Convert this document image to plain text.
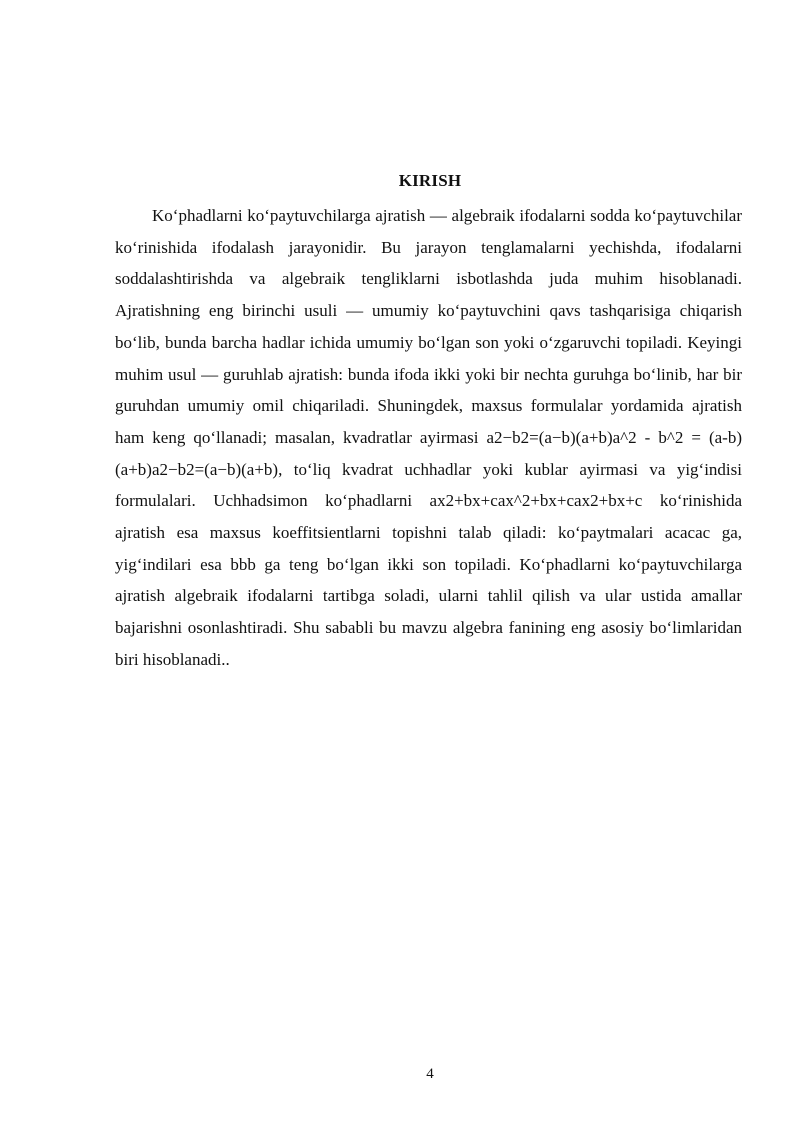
KIRISH

Ko‘phadlarni ko‘paytuvchilarga ajratish — algebraik ifodalarni sodda ko‘paytuvchilar ko‘rinishida ifodalash jarayonidir. Bu jarayon tenglamalarni yechishda, ifodalarni soddalashtirishda va algebraik tengliklarni isbotlashda juda muhim hisoblanadi. Ajratishning eng birinchi usuli — umumiy ko‘paytuvchini qavs tashqarisiga chiqarish bo‘lib, bunda barcha hadlar ichida umumiy bo‘lgan son yoki o‘zgaruvchi topiladi. Keyingi muhim usul — guruhlab ajratish: bunda ifoda ikki yoki bir nechta guruhga bo‘linib, har bir guruhdan umumiy omil chiqariladi. Shuningdek, maxsus formulalar yordamida ajratish ham keng qo‘llanadi; masalan, kvadratlar ayirmasi a2−b2=(a−b)(a+b)a^2 - b^2 = (a-b)(a+b)a2−b2=(a−b)(a+b), to‘liq kvadrat uchhadlar yoki kublar ayirmasi va yig‘indisi formulalari. Uchhadsimon ko‘phadlarni ax2+bx+cax^2+bx+cax2+bx+c ko‘rinishida ajratish esa maxsus koeffitsientlarni topishni talab qiladi: ko‘paytmalari acacac ga, yig‘indilari esa bbb ga teng bo‘lgan ikki son topiladi. Ko‘phadlarni ko‘paytuvchilarga ajratish algebraik ifodalarni tartibga soladi, ularni tahlil qilish va ular ustida amallar bajarishni osonlashtiradi. Shu sababli bu mavzu algebra fanining eng asosiy bo‘limlaridan biri hisoblanadi..

4
